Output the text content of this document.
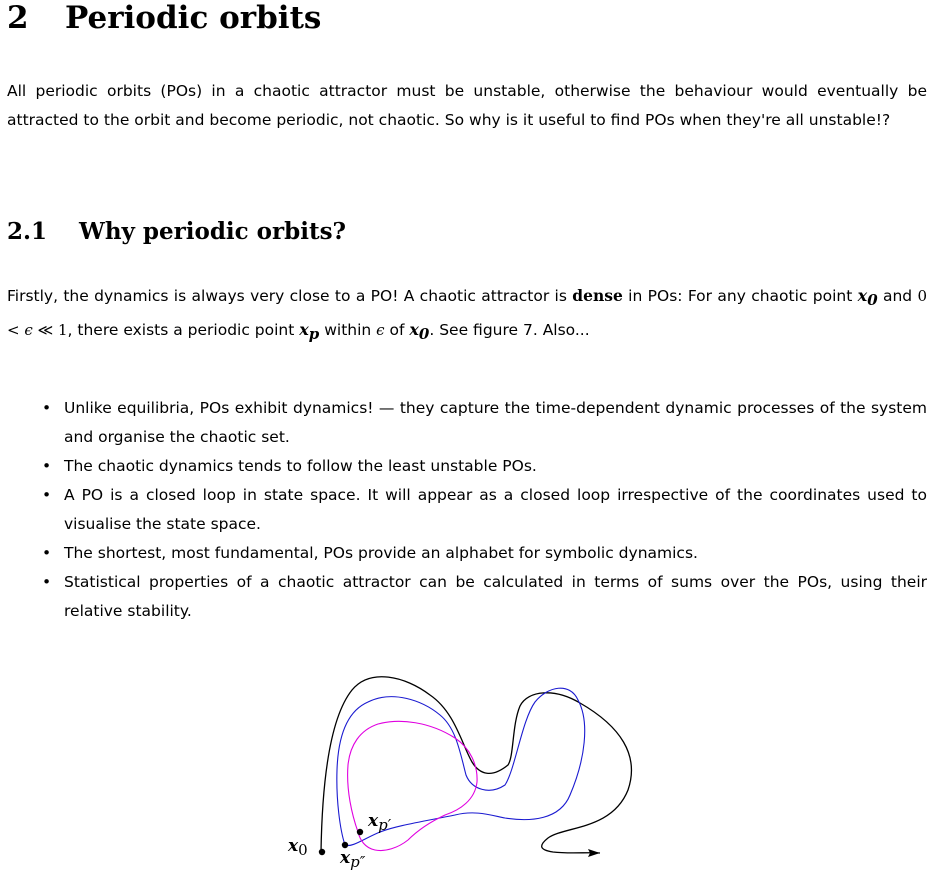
2 Periodic orbits

All periodic orbits (POs) in a chaotic attractor must be unstable, otherwise the behaviour would eventually be attracted to the orbit and become periodic, not chaotic. So why is it useful to find POs when they're all unstable!?

2.1 Why periodic orbits?

Firstly, the dynamics is always very close to a PO! A chaotic attractor is dense in POs: For any chaotic point $x_0$ and 0 < ϵ ≪ 1, there exists a periodic point $x_p$ within ϵ of $x_0$. See figure 7. Also...

• Unlike equilibria, POs exhibit dynamics! — they capture the time-dependent dynamic processes of the system and organise the chaotic set.
• The chaotic dynamics tends to follow the least unstable POs.
• A PO is a closed loop in state space. It will appear as a closed loop irrespective of the coordinates used to visualise the state space.
• The shortest, most fundamental, POs provide an alphabet for symbolic dynamics.
• Statistical properties of a chaotic attractor can be calculated in terms of sums over the POs, using their relative stability.
$x_0$
$x_{p'}$
$x_{p''}$
